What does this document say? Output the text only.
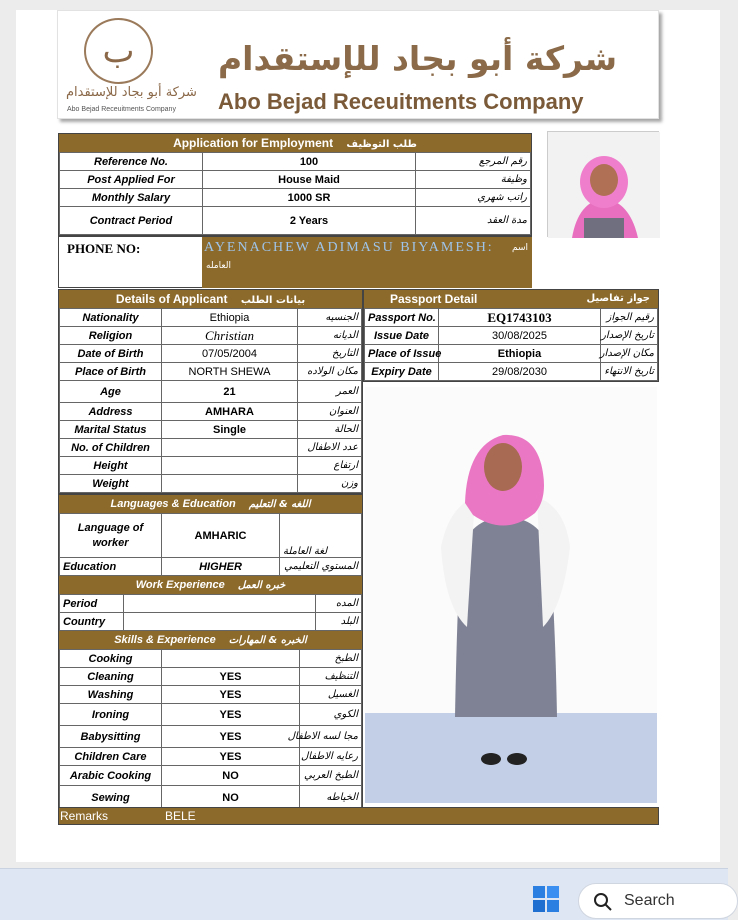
ب
شركة أبو بجاد للإستقدام
Abo Bejad Receuitments Company
شركة أبو بجاد للإستقدام
Abo Bejad Receuitments Company
Application for Employment طلب التوظيف
Reference No.	100	رقم المرجع
Post Applied For	House Maid	وظيفة
Monthly Salary	1000 SR	راتب شهري
Contract Period	2 Years	مدة العقد
PHONE NO:	AYENACHEW ADIMASU BIYAMESH: اسم
العامله
Details of Applicant بيانات الطلب
Nationality	Ethiopia	الجنسيه
Religion	Christian	الديانه
Date of Birth	07/05/2004	التاريخ
Place of Birth	NORTH SHEWA	مكان الولاده
Age	21	العمر
Address	AMHARA	العنوان
Marital Status	Single	الحالة
No. of Children		عدد الاطفال
Height		ارتفاع
Weight		وزن
Passport Detail	جواز تفاصيل
Passport No.	EQ1743103	رقيم الجواز
Issue Date	30/08/2025	تاريخ الإصدار
Place of Issue	Ethiopia	مكان الإصدار
Expiry Date	29/08/2030	تاريخ الانتهاء
Languages & Education اللغه & التعليم
Language of worker	AMHARIC	لغة العاملة
Education	HIGHER	المستوي التعليمي
Work Experience خبره العمل
Period		المده
Country		البلد
Skills & Experience الخبره & المهارات
Cooking		الطبخ
Cleaning	YES	التنظيف
Washing	YES	الغسيل
Ironing	YES	الكوي
Babysitting	YES	مجا لسه الاطفال
Children Care	YES	رعايه الاطفال
Arabic Cooking	NO	الطبخ العربي
Sewing	NO	الخياطه
Remarks	BELE
Search
